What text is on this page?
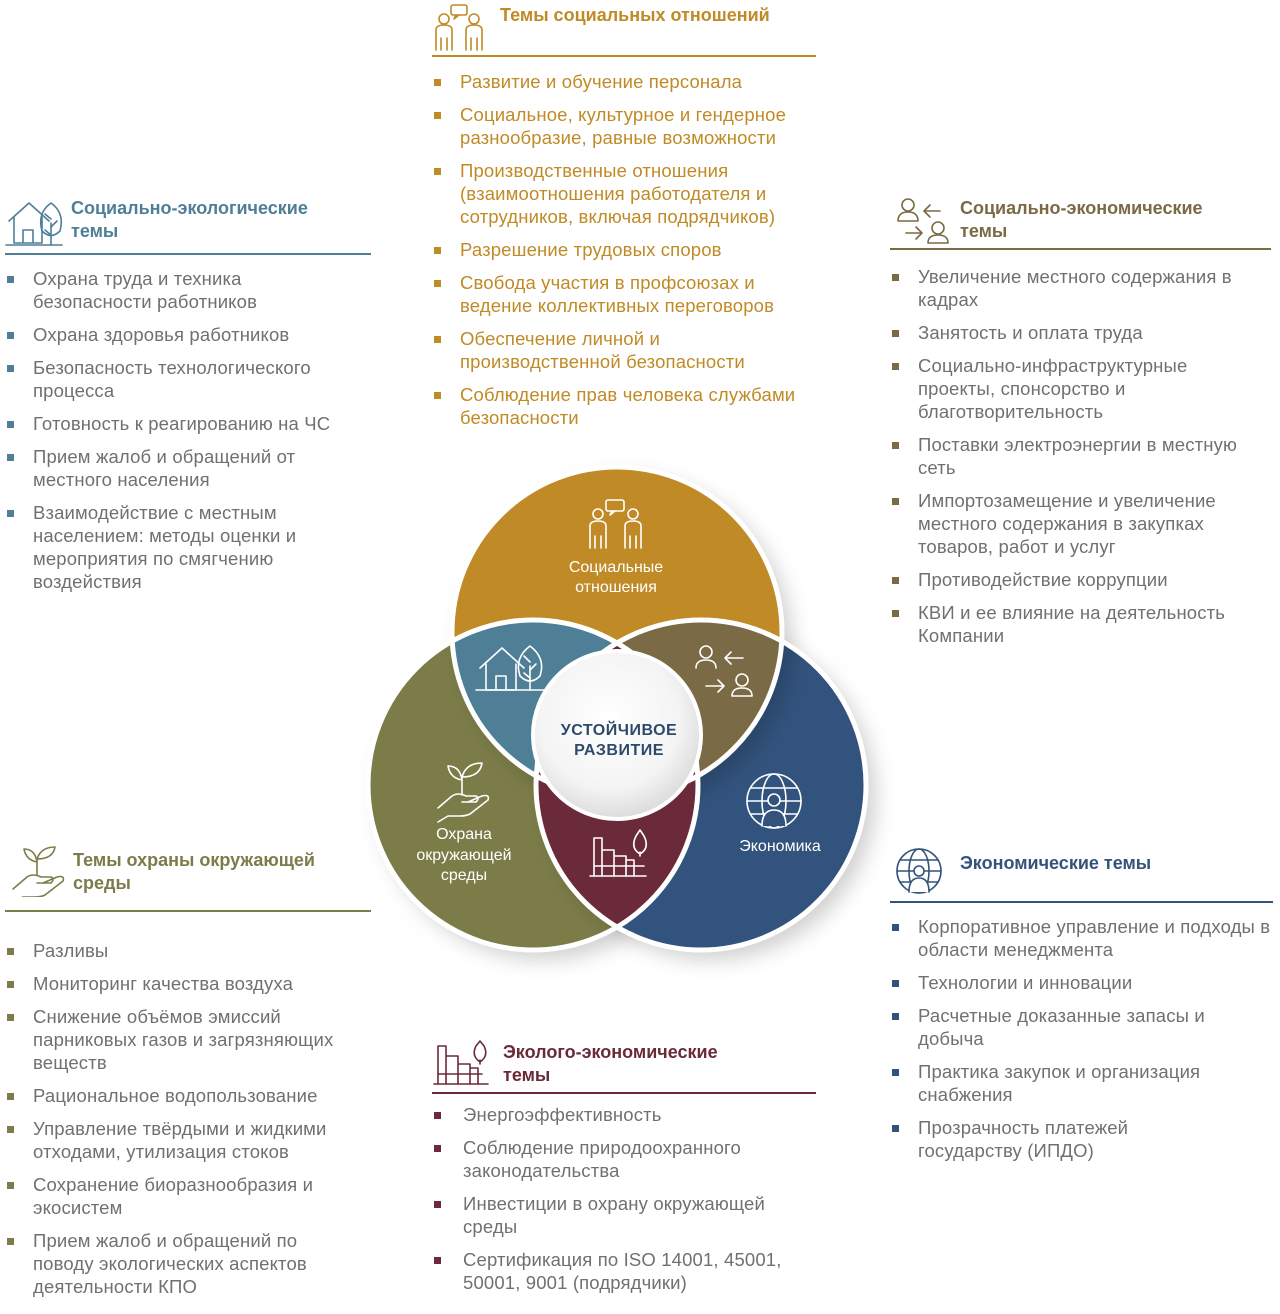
УСТОЙЧИВОЕ
РАЗВИТИЕ
Социальные
отношения
Охрана
окружающей
среды
Экономика
Темы социальных отношений
Развитие и обучение персонала
Социальное, культурное и гендерное разнообразие, равные возможности
Производственные отношения (взаимоотношения работодателя и сотрудников, включая подрядчиков)
Разрешение трудовых споров
Свобода участия в профсоюзах и ведение коллективных переговоров
Обеспечение личной и производственной безопасности
Соблюдение прав человека службами безопасности
Социально-экологические
темы
Охрана труда и техника безопасности работников
Охрана здоровья работников
Безопасность технологического процесса
Готовность к реагированию на ЧС
Прием жалоб и обращений от местного населения
Взаимодействие с местным населением: методы оценки и мероприятия по смягчению воздействия
Социально-экономические
темы
Увеличение местного содержания в кадрах
Занятость и оплата труда
Социально-инфраструктурные проекты, спонсорство и благотворительность
Поставки электроэнергии в местную сеть
Импортозамещение и увеличение местного содержания в закупках товаров, работ и услуг
Противодействие коррупции
КВИ и ее влияние на деятельность Компании
Темы охраны окружающей
среды
Разливы
Мониторинг качества воздуха
Снижение объёмов эмиссий парниковых газов и загрязняющих веществ
Рациональное водопользование
Управление твёрдыми и жидкими отходами, утилизация стоков
Сохранение биоразнообразия и экосистем
Прием жалоб и обращений по поводу экологических аспектов деятельности КПО
Экономические темы
Корпоративное управление и подходы в области менеджмента
Технологии и инновации
Расчетные доказанные запасы и добыча
Практика закупок и организация снабжения
Прозрачность платежей государству (ИПДО)
Эколого-экономические
темы
Энергоэффективность
Соблюдение природоохранного законодательства
Инвестиции в охрану окружающей среды
Сертификация по ISO 14001, 45001, 50001, 9001 (подрядчики)
